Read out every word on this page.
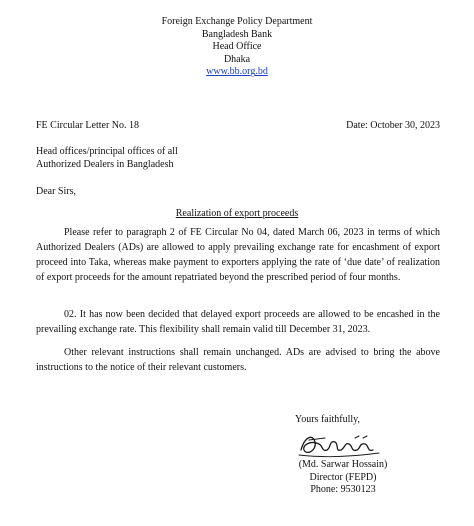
Foreign Exchange Policy Department
Bangladesh Bank
Head Office
Dhaka
www.bb.org.bd
FE Circular Letter No. 18	Date: October 30, 2023
Head offices/principal offices of all
Authorized Dealers in Bangladesh
Dear Sirs,
Realization of export proceeds
Please refer to paragraph 2 of FE Circular No 04, dated March 06, 2023 in terms of which Authorized Dealers (ADs) are allowed to apply prevailing exchange rate for encashment of export proceed into Taka, whereas make payment to exporters applying the rate of ‘due date’ of realization of export proceeds for the amount repatriated beyond the prescribed period of four months.
02. It has now been decided that delayed export proceeds are allowed to be encashed in the prevailing exchange rate. This flexibility shall remain valid till December 31, 2023.
Other relevant instructions shall remain unchanged. ADs are advised to bring the above instructions to the notice of their relevant customers.
Yours faithfully,
(Md. Sarwar Hossain)
Director (FEPD)
Phone: 9530123
